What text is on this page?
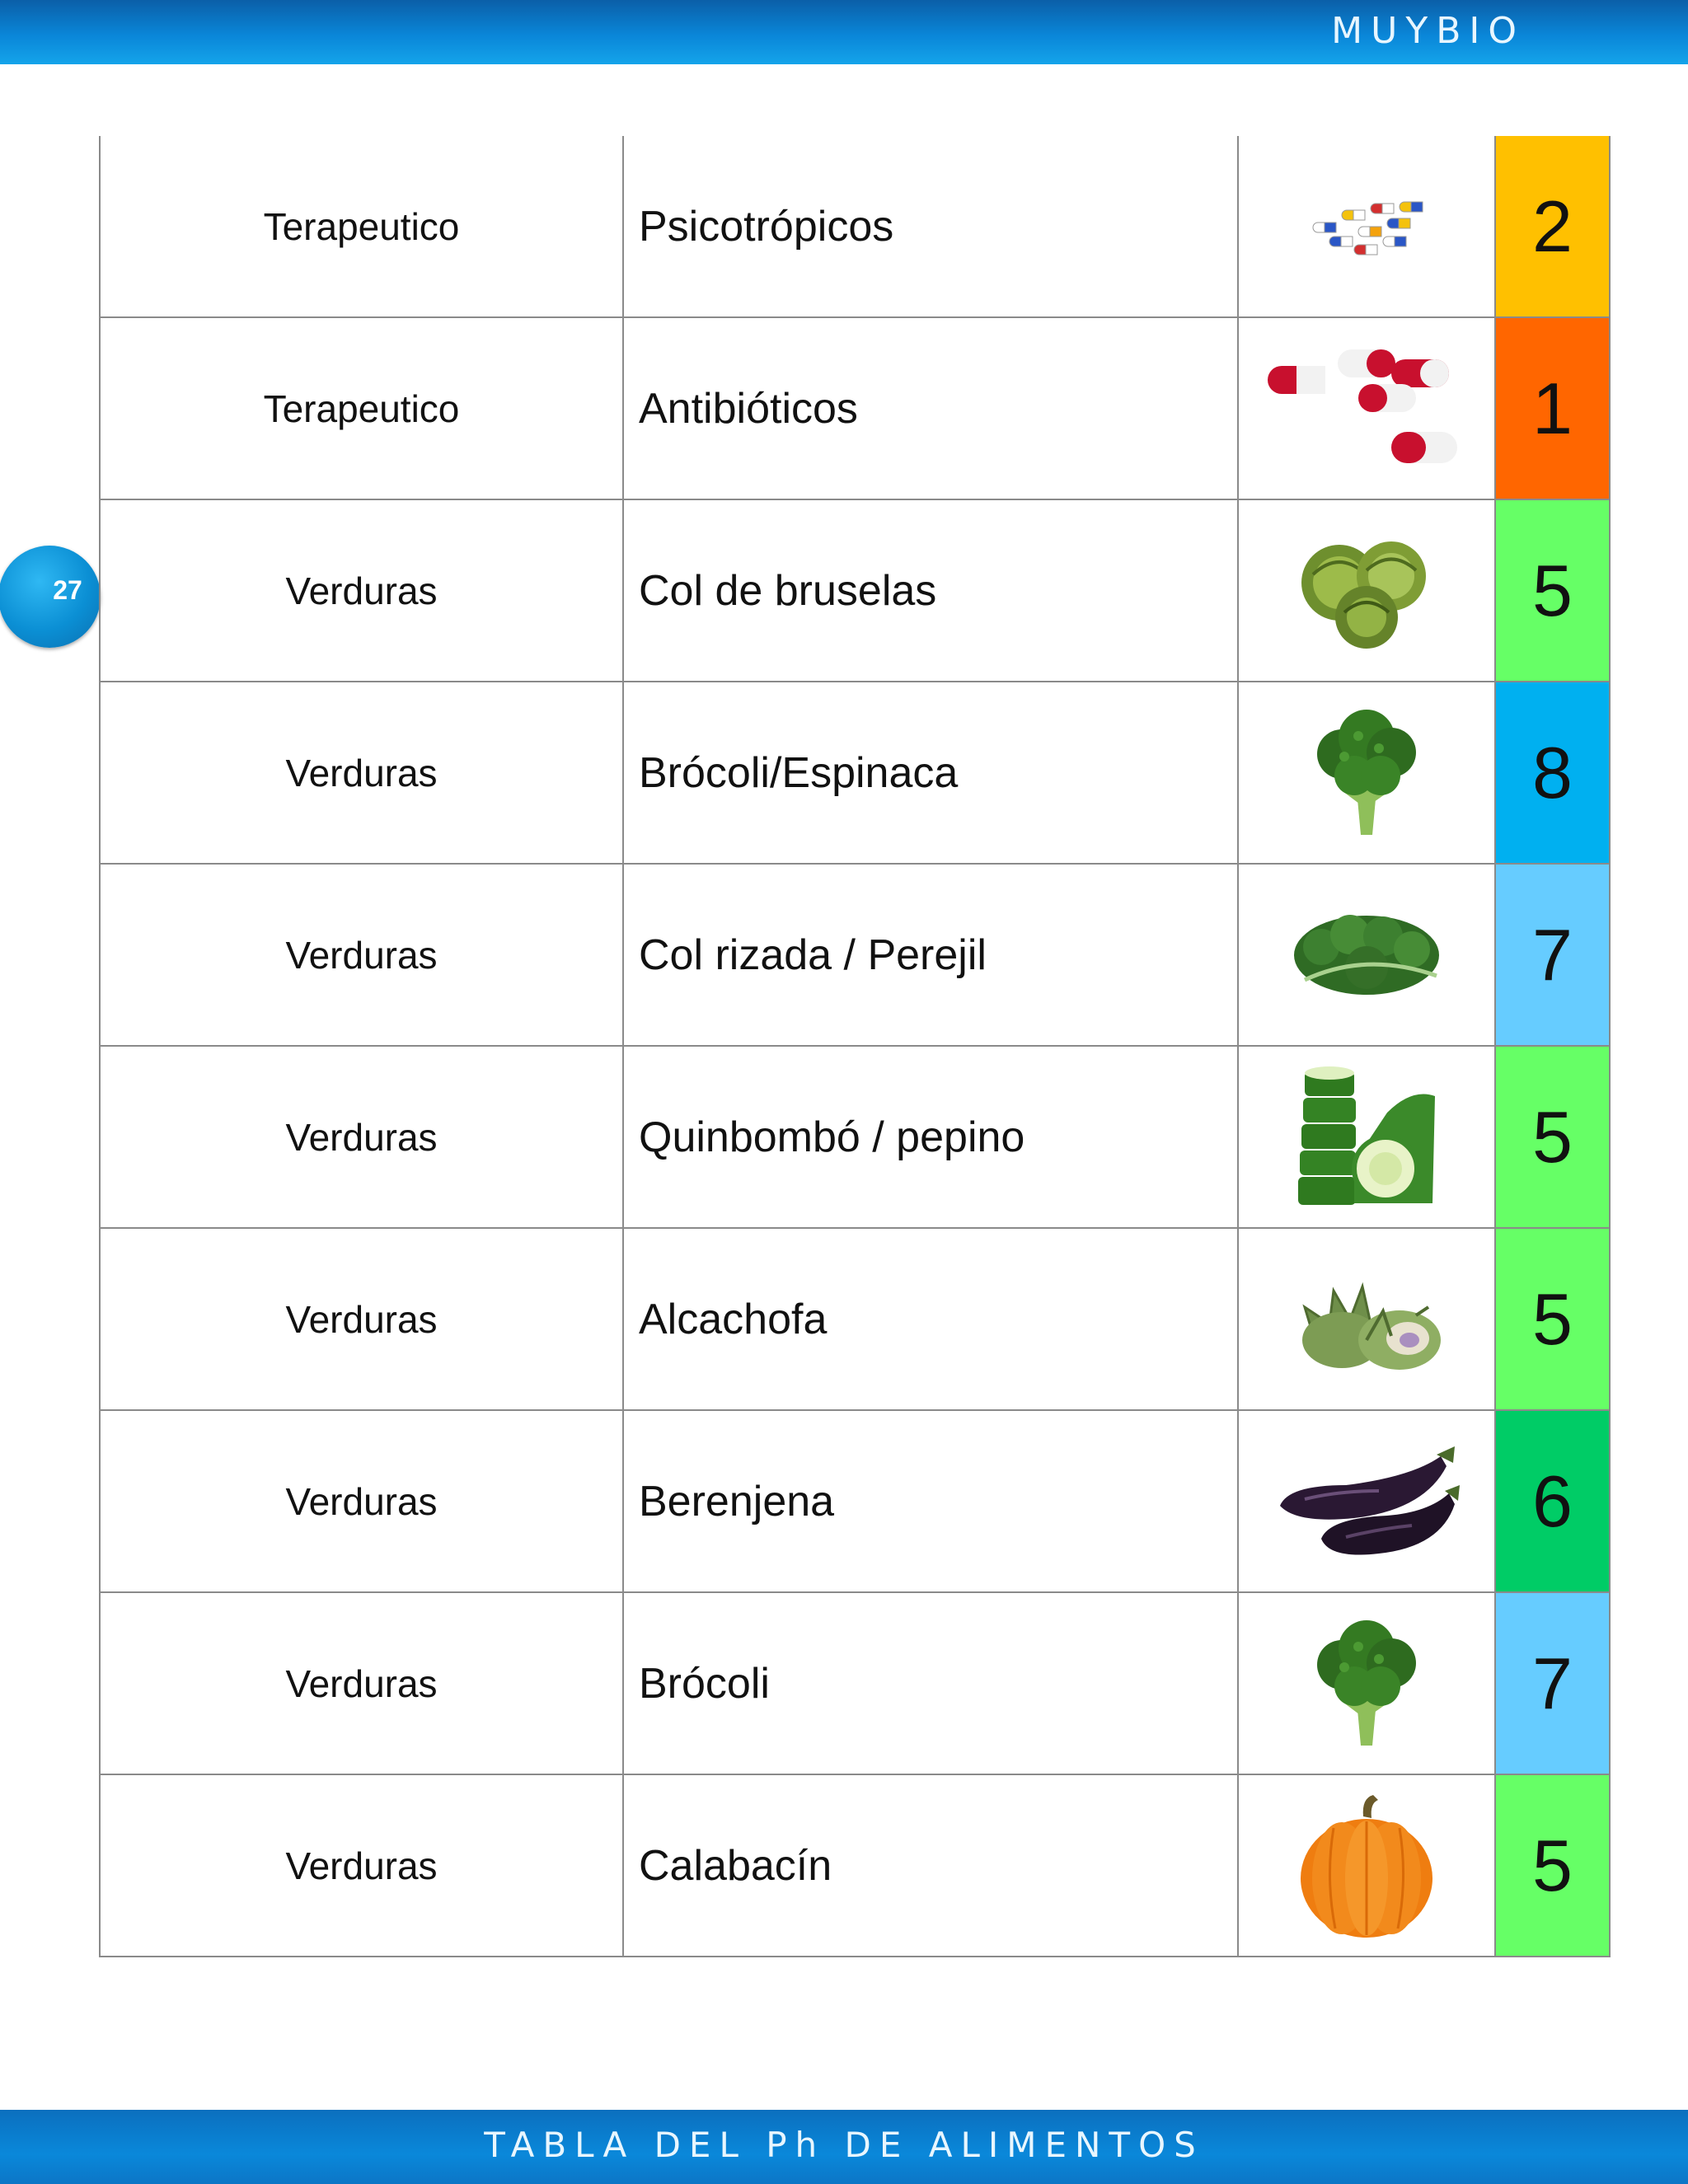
MUYBIO
27
Terapeutico	Psicotrópicos		2
Terapeutico	Antibióticos		1
Verduras	Col de bruselas		5
Verduras	Brócoli/Espinaca		8
Verduras	Col rizada / Perejil		7
Verduras	Quinbombó / pepino		5
Verduras	Alcachofa		5
Verduras	Berenjena		6
Verduras	Brócoli		7
Verduras	Calabacín		5
TABLA DEL Ph DE ALIMENTOS
